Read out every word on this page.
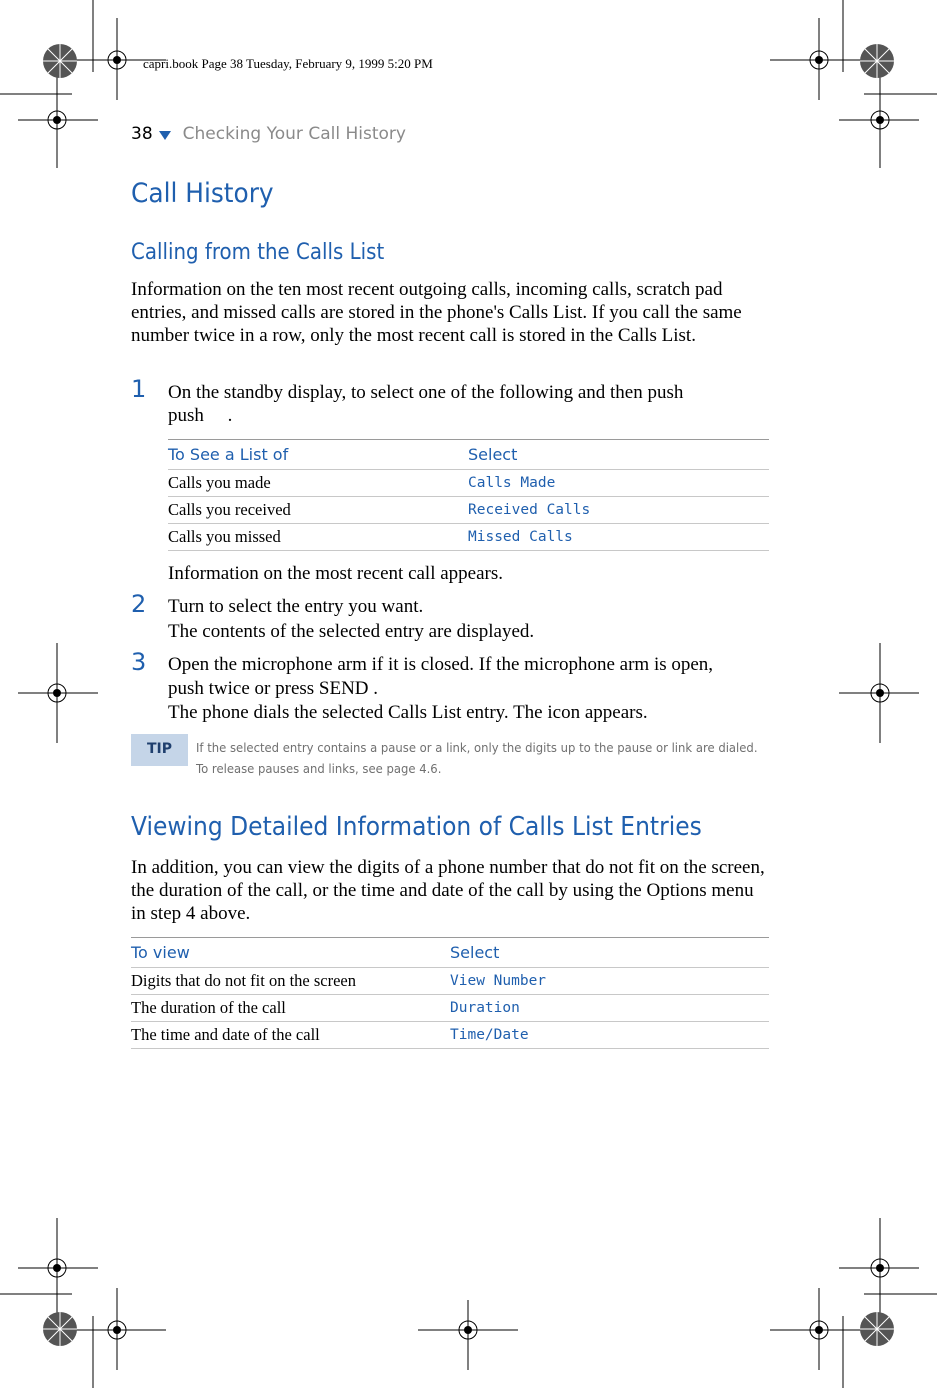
capri.book Page 38 Tuesday, February 9, 1999 5:20 PM
38 Checking Your Call History
Call History
Calling from the Calls List
Information on the ten most recent outgoing calls, incoming calls, scratch pad entries, and missed calls are stored in the phone's Calls List. If you call the same number twice in a row, only the most recent call is stored in the Calls List.
1 On the standby display, to select one of the following and then push
push     .
To See a List of	Select
Calls you made	Calls Made
Calls you received	Received Calls
Calls you missed	Missed Calls
Information on the most recent call appears.
2 Turn to select the entry you want.
The contents of the selected entry are displayed.
3 Open the microphone arm if it is closed. If the microphone arm is open,
push twice or press SEND .
The phone dials the selected Calls List entry. The icon appears.
TIP	If the selected entry contains a pause or a link, only the digits up to the pause or link are dialed.
To release pauses and links, see page 4.6.
Viewing Detailed Information of Calls List Entries
In addition, you can view the digits of a phone number that do not fit on the screen, the duration of the call, or the time and date of the call by using the Options menu in step 4 above.
To view	Select
Digits that do not fit on the screen	View Number
The duration of the call	Duration
The time and date of the call	Time/Date
